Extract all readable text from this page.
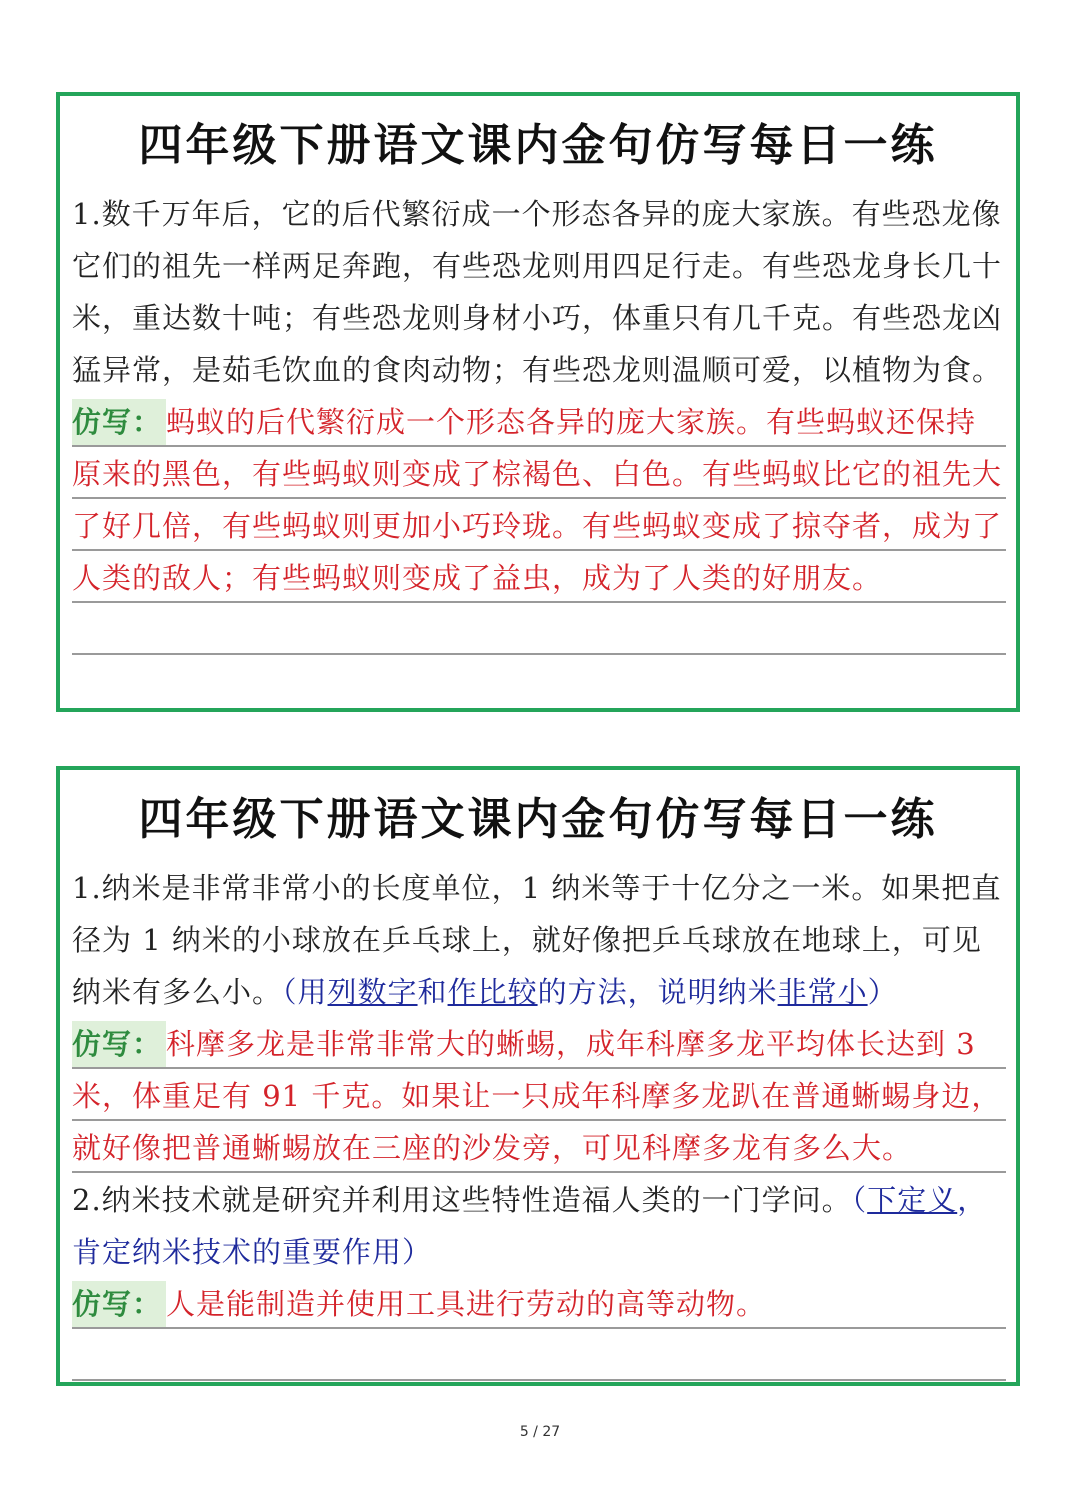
四年级下册语文课内金句仿写每日一练
1.数千万年后，它的后代繁衍成一个形态各异的庞大家族。有些恐龙像它们的祖先一样两足奔跑，有些恐龙则用四足行走。有些恐龙身长几十米，重达数十吨；有些恐龙则身材小巧，体重只有几千克。有些恐龙凶猛异常，是茹毛饮血的食肉动物；有些恐龙则温顺可爱，以植物为食。
仿写： 蚂蚁的后代繁衍成一个形态各异的庞大家族。有些蚂蚁还保持原来的黑色，有些蚂蚁则变成了棕褐色、白色。有些蚂蚁比它的祖先大了好几倍，有些蚂蚁则更加小巧玲珑。有些蚂蚁变成了掠夺者，成为了人类的敌人；有些蚂蚁则变成了益虫，成为了人类的好朋友。
四年级下册语文课内金句仿写每日一练
1.纳米是非常非常小的长度单位，1 纳米等于十亿分之一米。如果把直径为 1 纳米的小球放在乒乓球上，就好像把乒乓球放在地球上，可见纳米有多么小。（用列数字和作比较的方法，说明纳米非常小）
仿写： 科摩多龙是非常非常大的蜥蜴，成年科摩多龙平均体长达到 3 米，体重足有 91 千克。如果让一只成年科摩多龙趴在普通蜥蜴身边，就好像把普通蜥蜴放在三座的沙发旁，可见科摩多龙有多么大。
2.纳米技术就是研究并利用这些特性造福人类的一门学问。（下定义，肯定纳米技术的重要作用）
仿写： 人是能制造并使用工具进行劳动的高等动物。
5 / 27
